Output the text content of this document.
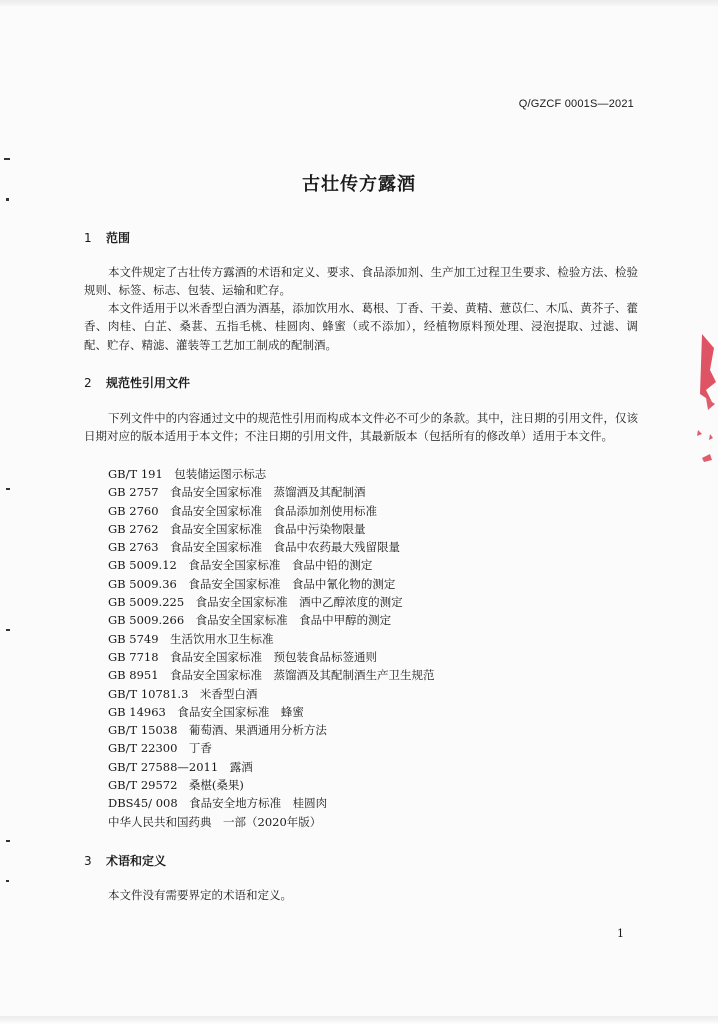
Q/GZCF 0001S—2021
古壮传方露酒
1 范围

本文件规定了古壮传方露酒的术语和定义、要求、食品添加剂、生产加工过程卫生要求、检验方法、检验规则、标签、标志、包装、运输和贮存。

本文件适用于以米香型白酒为酒基，添加饮用水、葛根、丁香、干姜、黄精、薏苡仁、木瓜、黄芥子、藿香、肉桂、白芷、桑葚、五指毛桃、桂圆肉、蜂蜜（或不添加），经植物原料预处理、浸泡提取、过滤、调配、贮存、精滤、灌装等工艺加工制成的配制酒。

2 规范性引用文件

下列文件中的内容通过文中的规范性引用而构成本文件必不可少的条款。其中，注日期的引用文件，仅该日期对应的版本适用于本文件；不注日期的引用文件，其最新版本（包括所有的修改单）适用于本文件。

GB/T 191　包装储运图示标志
GB 2757　食品安全国家标准　蒸馏酒及其配制酒
GB 2760　食品安全国家标准　食品添加剂使用标准
GB 2762　食品安全国家标准　食品中污染物限量
GB 2763　食品安全国家标准　食品中农药最大残留限量
GB 5009.12　食品安全国家标准　食品中铅的测定
GB 5009.36　食品安全国家标准　食品中氰化物的测定
GB 5009.225　食品安全国家标准　酒中乙醇浓度的测定
GB 5009.266　食品安全国家标准　食品中甲醇的测定
GB 5749　生活饮用水卫生标准
GB 7718　食品安全国家标准　预包装食品标签通则
GB 8951　食品安全国家标准　蒸馏酒及其配制酒生产卫生规范
GB/T 10781.3　米香型白酒
GB 14963　食品安全国家标准　蜂蜜
GB/T 15038　葡萄酒、果酒通用分析方法
GB/T 22300　丁香
GB/T 27588—2011　露酒
GB/T 29572　桑椹(桑果)
DBS45/ 008　食品安全地方标准　桂圆肉
中华人民共和国药典　一部（2020年版）
3 术语和定义

本文件没有需要界定的术语和定义。

1
